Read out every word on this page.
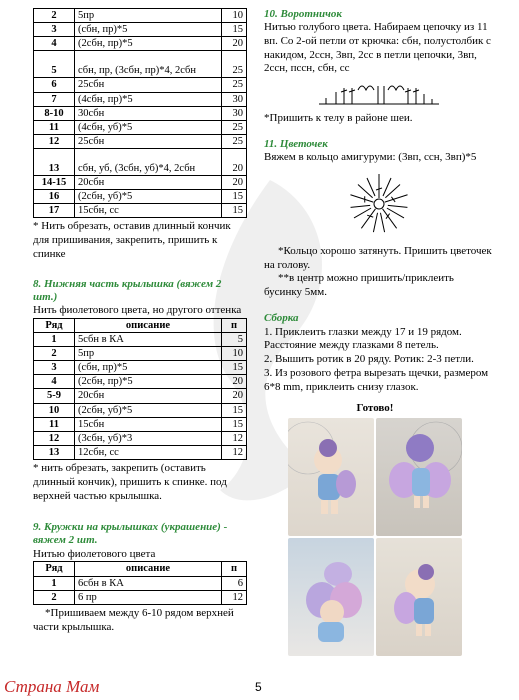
2	5пр	10
3	(сбн, пр)*5	15
4	(2сбн, пр)*5	20
5	сбн, пр, (3сбн, пр)*4, 2сбн	25
6	25сбн	25
7	(4сбн, пр)*5	30
8-10	30сбн	30
11	(4сбн, уб)*5	25
12	25сбн	25
13	сбн, уб, (3сбн, уб)*4, 2сбн	20
14-15	20сбн	20
16	(2сбн, уб)*5	15
17	15сбн, сс	15

* Нить обрезать, оставив длинный кончик для пришивания, закрепить, пришить к спинке

8. Нижняя часть крылышка (вяжем 2 шт.)

Нить фиолетового цвета, но другого оттенка

Ряд	описание	п
1	5сбн в КА	5
2	5пр	10
3	(сбн, пр)*5	15
4	(2сбн, пр)*5	20
5-9	20сбн	20
10	(2сбн, уб)*5	15
11	15сбн	15
12	(3сбн, уб)*3	12
13	12сбн, сс	12

* нить обрезать, закрепить (оставить длинный кончик), пришить к спинке. под верхней частью крылышка.

9. Кружки на крылышках (украшение) - вяжем 2 шт.

Нитью фиолетового цвета

Ряд	описание	п
1	6сбн в КА	6
2	6 пр	12

*Пришиваем между 6-10 рядом верхней части крылышка.

10. Воротничок

Нитью голубого цвета. Набираем цепочку из 11 вп. Со 2-ой петли от крючка: сбн, полустолбик с накидом, 2ссн, 3вп, 2сс в петли цепочки, 3вп, 2ссн, пссн, сбн, сс

*Пришить к телу в районе шеи.

11. Цветочек

Вяжем в кольцо амигуруми: (3вп, ссн, 3вп)*5

*Кольцо хорошо затянуть. Пришить цветочек на голову.

**в центр можно пришить/приклеить бусинку 5мм.

Сборка

1. Приклеить глазки между 17 и 19 рядом. Расстояние между глазками 8 петель.

2. Вышить ротик в 20 ряду. Ротик: 2-3 петли.

3. Из розового фетра вырезать щечки, размером 6*8 mm, приклеить снизу глазок.

Готово!
Страна Мам	5
